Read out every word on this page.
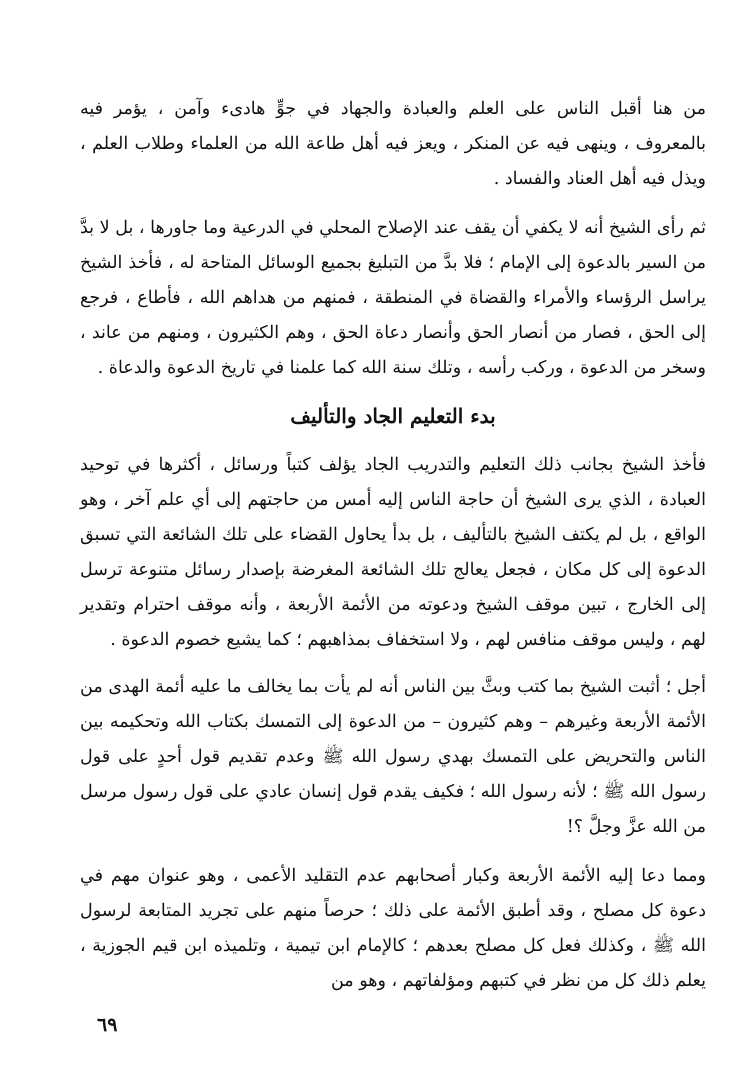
من هنا أقبل الناس على العلم والعبادة والجهاد في جوٍّ هادىء وآمن ، يؤمر فيه بالمعروف ، وينهى فيه عن المنكر ، ويعز فيه أهل طاعة الله من العلماء وطلاب العلم ، ويذل فيه أهل العناد والفساد .

ثم رأى الشيخ أنه لا يكفي أن يقف عند الإصلاح المحلي في الدرعية وما جاورها ، بل لا بدَّ من السير بالدعوة إلى الإمام ؛ فلا بدَّ من التبليغ بجميع الوسائل المتاحة له ، فأخذ الشيخ يراسل الرؤساء والأمراء والقضاة في المنطقة ، فمنهم من هداهم الله ، فأطاع ، فرجع إلى الحق ، فصار من أنصار الحق وأنصار دعاة الحق ، وهم الكثيرون ، ومنهم من عاند ، وسخر من الدعوة ، وركب رأسه ، وتلك سنة الله كما علمنا في تاريخ الدعوة والدعاة .

بدء التعليم الجاد والتأليف

فأخذ الشيخ بجانب ذلك التعليم والتدريب الجاد يؤلف كتباً ورسائل ، أكثرها في توحيد العبادة ، الذي يرى الشيخ أن حاجة الناس إليه أمس من حاجتهم إلى أي علم آخر ، وهو الواقع ، بل لم يكتف الشيخ بالتأليف ، بل بدأ يحاول القضاء على تلك الشائعة التي تسبق الدعوة إلى كل مكان ، فجعل يعالج تلك الشائعة المغرضة بإصدار رسائل متنوعة ترسل إلى الخارج ، تبين موقف الشيخ ودعوته من الأئمة الأربعة ، وأنه موقف احترام وتقدير لهم ، وليس موقف منافس لهم ، ولا استخفاف بمذاهبهم ؛ كما يشيع خصوم الدعوة .

أجل ؛ أثبت الشيخ بما كتب وبثَّ بين الناس أنه لم يأت بما يخالف ما عليه أئمة الهدى من الأئمة الأربعة وغيرهم – وهم كثيرون – من الدعوة إلى التمسك بكتاب الله وتحكيمه بين الناس والتحريض على التمسك بهدي رسول الله ﷺ وعدم تقديم قول أحدٍ على قول رسول الله ﷺ ؛ لأنه رسول الله ؛ فكيف يقدم قول إنسان عادي على قول رسول مرسل من الله عزَّ وجلَّ ؟!

ومما دعا إليه الأئمة الأربعة وكبار أصحابهم عدم التقليد الأعمى ، وهو عنوان مهم في دعوة كل مصلح ، وقد أطبق الأئمة على ذلك ؛ حرصاً منهم على تجريد المتابعة لرسول الله ﷺ ، وكذلك فعل كل مصلح بعدهم ؛ كالإمام ابن تيمية ، وتلميذه ابن قيم الجوزية ، يعلم ذلك كل من نظر في كتبهم ومؤلفاتهم ، وهو من

٦٩
